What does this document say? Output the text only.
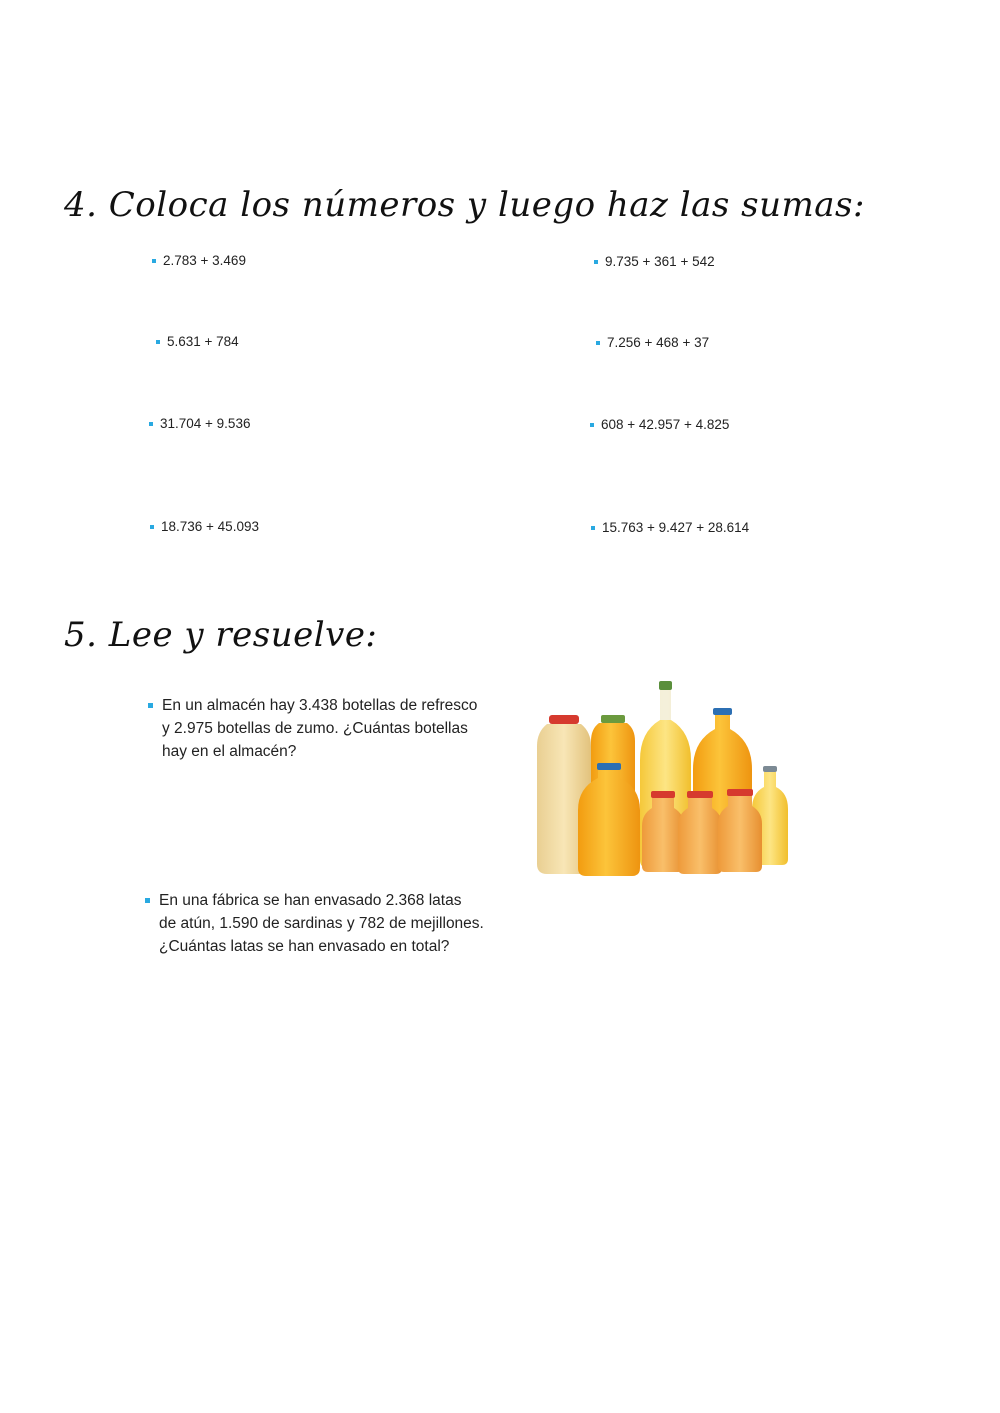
4. Coloca los números y luego haz las sumas:
2.783 + 3.469	9.735 + 361 + 542
5.631 + 784	7.256 + 468 + 37
31.704 + 9.536	608 + 42.957 + 4.825
18.736 + 45.093	15.763 + 9.427 + 28.614
5. Lee y resuelve:
En un almacén hay 3.438 botellas de refresco
y 2.975 botellas de zumo. ¿Cuántas botellas
hay en el almacén?
En una fábrica se han envasado 2.368 latas
de atún, 1.590 de sardinas y 782 de mejillones.
¿Cuántas latas se han envasado en total?
